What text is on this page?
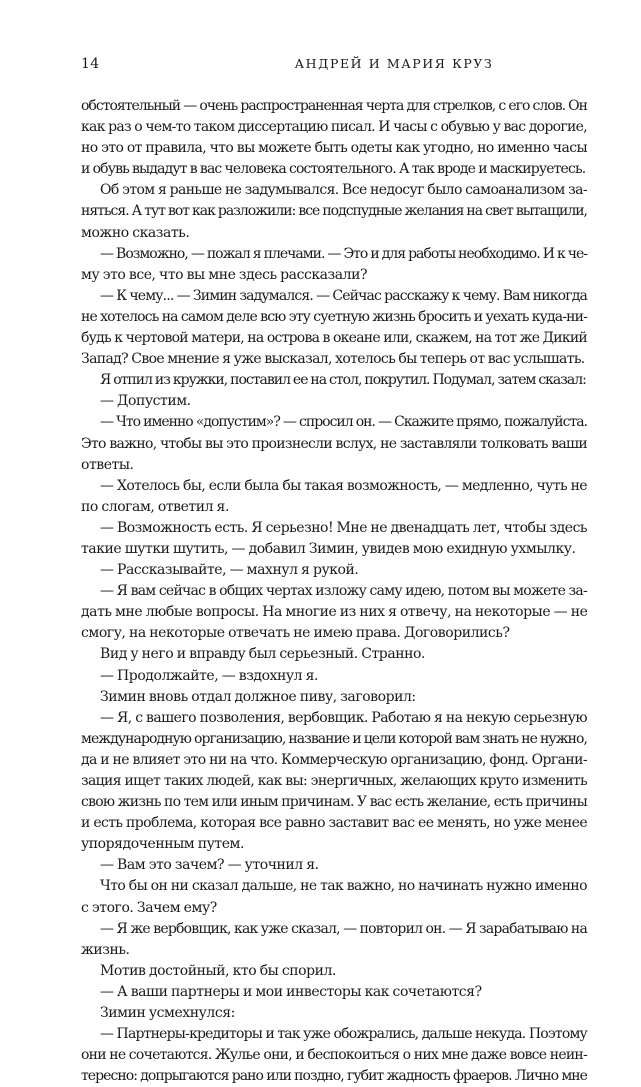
14	АНДРЕЙ И МАРИЯ КРУЗ
обстоятельный — очень распространенная черта для стрелков, с его слов. Он
как раз о чем-то таком диссертацию писал. И часы с обувью у вас дорогие,
но это от правила, что вы можете быть одеты как угодно, но именно часы
и обувь выдадут в вас человека состоятельного. А так вроде и маскируетесь.
Об этом я раньше не задумывался. Все недосуг было самоанализом за-
няться. А тут вот как разложили: все подспудные желания на свет вытащили,
можно сказать.
— Возможно, — пожал я плечами. — Это и для работы необходимо. И к че-
му это все, что вы мне здесь рассказали?
— К чему... — Зимин задумался. — Сейчас расскажу к чему. Вам никогда
не хотелось на самом деле всю эту суетную жизнь бросить и уехать куда-ни-
будь к чертовой матери, на острова в океане или, скажем, на тот же Дикий
Запад? Свое мнение я уже высказал, хотелось бы теперь от вас услышать.
Я отпил из кружки, поставил ее на стол, покрутил. Подумал, затем сказал:
— Допустим.
— Что именно «допустим»? — спросил он. — Скажите прямо, пожалуйста.
Это важно, чтобы вы это произнесли вслух, не заставляли толковать ваши
ответы.
— Хотелось бы, если была бы такая возможность, — медленно, чуть не
по слогам, ответил я.
— Возможность есть. Я серьезно! Мне не двенадцать лет, чтобы здесь
такие шутки шутить, — добавил Зимин, увидев мою ехидную ухмылку.
— Рассказывайте, — махнул я рукой.
— Я вам сейчас в общих чертах изложу саму идею, потом вы можете за-
дать мне любые вопросы. На многие из них я отвечу, на некоторые — не
смогу, на некоторые отвечать не имею права. Договорились?
Вид у него и вправду был серьезный. Странно.
— Продолжайте, — вздохнул я.
Зимин вновь отдал должное пиву, заговорил:
— Я, с вашего позволения, вербовщик. Работаю я на некую серьезную
международную организацию, название и цели которой вам знать не нужно,
да и не влияет это ни на что. Коммерческую организацию, фонд. Органи-
зация ищет таких людей, как вы: энергичных, желающих круто изменить
свою жизнь по тем или иным причинам. У вас есть желание, есть причины
и есть проблема, которая все равно заставит вас ее менять, но уже менее
упорядоченным путем.
— Вам это зачем? — уточнил я.
Что бы он ни сказал дальше, не так важно, но начинать нужно именно
с этого. Зачем ему?
— Я же вербовщик, как уже сказал, — повторил он. — Я зарабатываю на
жизнь.
Мотив достойный, кто бы спорил.
— А ваши партнеры и мои инвесторы как сочетаются?
Зимин усмехнулся:
— Партнеры-кредиторы и так уже обожрались, дальше некуда. Поэтому
они не сочетаются. Жулье они, и беспокоиться о них мне даже вовсе неин-
тересно: допрыгаются рано или поздно, губит жадность фраеров. Лично мне
